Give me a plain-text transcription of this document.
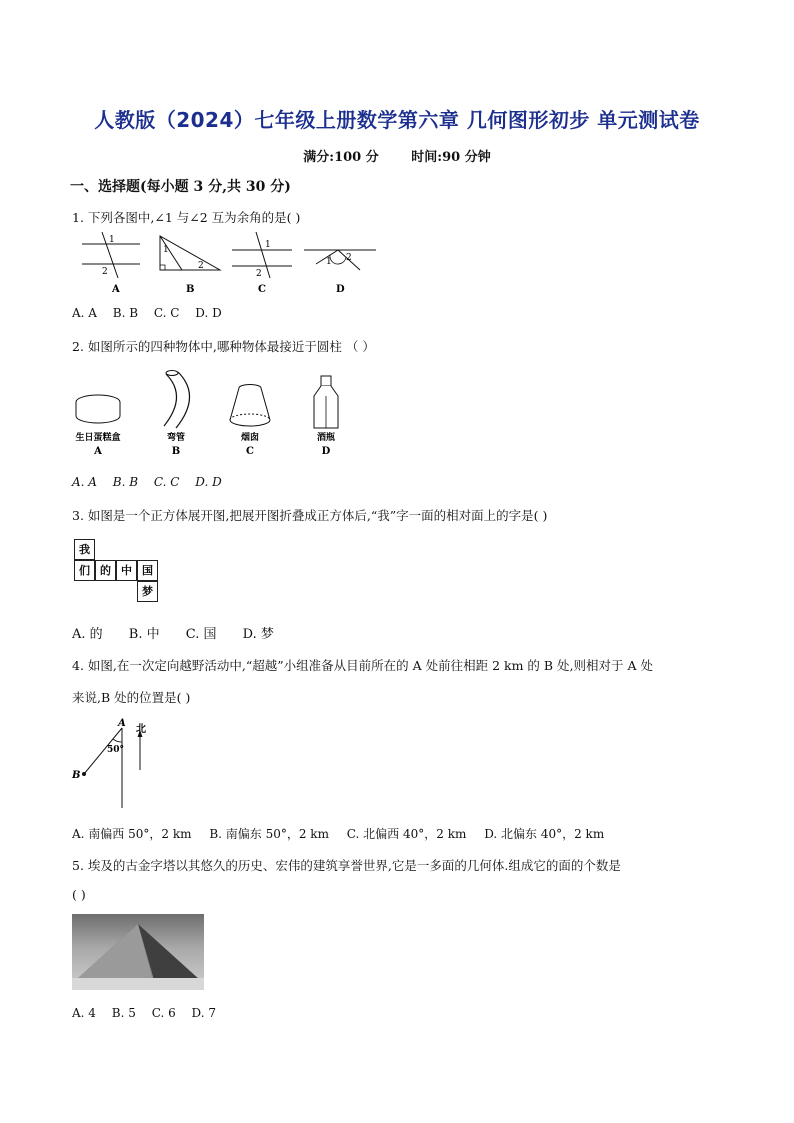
人教版（2024）七年级上册数学第六章 几何图形初步 单元测试卷
满分:100 分	时间:90 分钟
一、选择题(每小题 3 分,共 30 分)
1. 下列各图中,∠1 与∠2 互为余角的是( )
1
2
A
1
2
B
1
2
C
1 2
D
A. A B. B C. C D. D
2. 如图所示的四种物体中,哪种物体最接近于圆柱 （ ）
生日蛋糕盒
A
弯管
B
烟囱
C
酒瓶
D
A. A B. B C. C D. D
3. 如图是一个正方体展开图,把展开图折叠成正方体后,“我”字一面的相对面上的字是( )
我
们 的 中 国
梦
A. 的 B. 中 C. 国 D. 梦
4. 如图,在一次定向越野活动中,“超越”小组准备从目前所在的 A 处前往相距 2 km 的 B 处,则相对于 A 处
来说,B 处的位置是( )
A
B
北
50°
A. 南偏西 50°，2 km B. 南偏东 50°，2 km C. 北偏西 40°，2 km D. 北偏东 40°，2 km
5. 埃及的古金字塔以其悠久的历史、宏伟的建筑享誉世界,它是一多面的几何体.组成它的面的个数是
( )
A. 4 B. 5 C. 6 D. 7
